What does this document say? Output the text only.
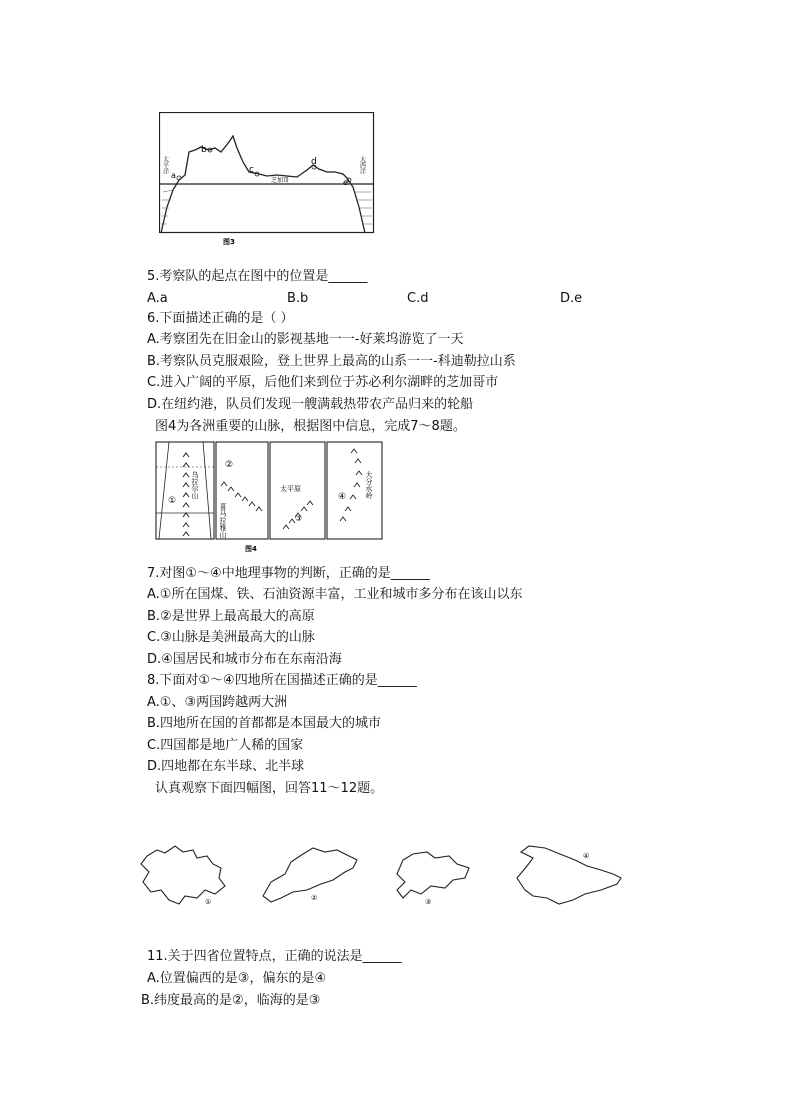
a
b
c
d
e
太平洋	大西洋
芝加哥
图3
5.考察队的起点在图中的位置是______
A.a	B.b	C.d	D.e
6.下面描述正确的是（ ）
A.考察团先在旧金山的影视基地一一-好莱坞游览了一天
B.考察队员克服艰险，登上世界上最高的山系一一-科迪勒拉山系
C.进入广阔的平原，后他们来到位于苏必利尔湖畔的芝加哥市
D.在纽约港，队员们发现一艘满载热带农产品归来的轮船
图4为各洲重要的山脉，根据图中信息，完成7～8题。
①
乌拉尔山
②
喜马拉雅山
太平原
③
④	大分水岭
图4
7.对图①～④中地理事物的判断，正确的是______
A.①所在国煤、铁、石油资源丰富，工业和城市多分布在该山以东
B.②是世界上最高最大的高原
C.③山脉是美洲最高大的山脉
D.④国居民和城市分布在东南沿海
8.下面对①～④四地所在国描述正确的是______
A.①、③两国跨越两大洲
B.四地所在国的首都都是本国最大的城市
C.四国都是地广人稀的国家
D.四地都在东半球、北半球
认真观察下面四幅图，回答11～12题。
①	②	③
④
11.关于四省位置特点，正确的说法是______
A.位置偏西的是③，偏东的是④
B.纬度最高的是②，临海的是③
